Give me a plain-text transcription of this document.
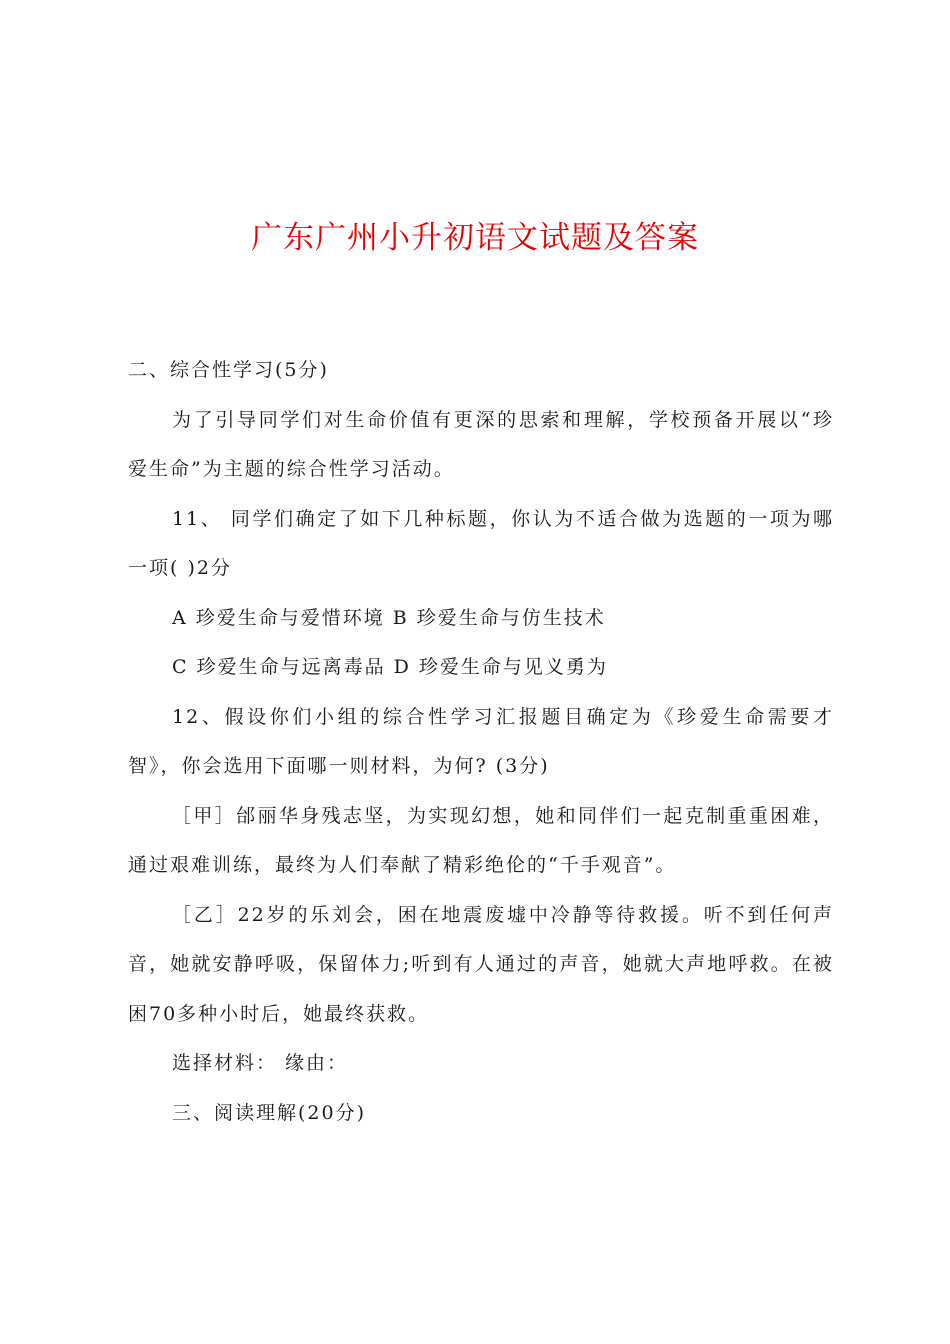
广东广州小升初语文试题及答案

二、综合性学习(5分)

为了引导同学们对生命价值有更深的思索和理解，学校预备开展以“珍爱生命”为主题的综合性学习活动。

11、 同学们确定了如下几种标题，你认为不适合做为选题的一项为哪一项( )2分

A 珍爱生命与爱惜环境 B 珍爱生命与仿生技术

C 珍爱生命与远离毒品 D 珍爱生命与见义勇为

12、假设你们小组的综合性学习汇报题目确定为《珍爱生命需要才智》，你会选用下面哪一则材料，为何? (3分)

［甲］邰丽华身残志坚，为实现幻想，她和同伴们一起克制重重困难，通过艰难训练，最终为人们奉献了精彩绝伦的“千手观音”。

［乙］22岁的乐刘会，困在地震废墟中冷静等待救援。听不到任何声音，她就安静呼吸，保留体力;听到有人通过的声音，她就大声地呼救。在被困70多种小时后，她最终获救。

选择材料： 缘由：

三、阅读理解(20分)
